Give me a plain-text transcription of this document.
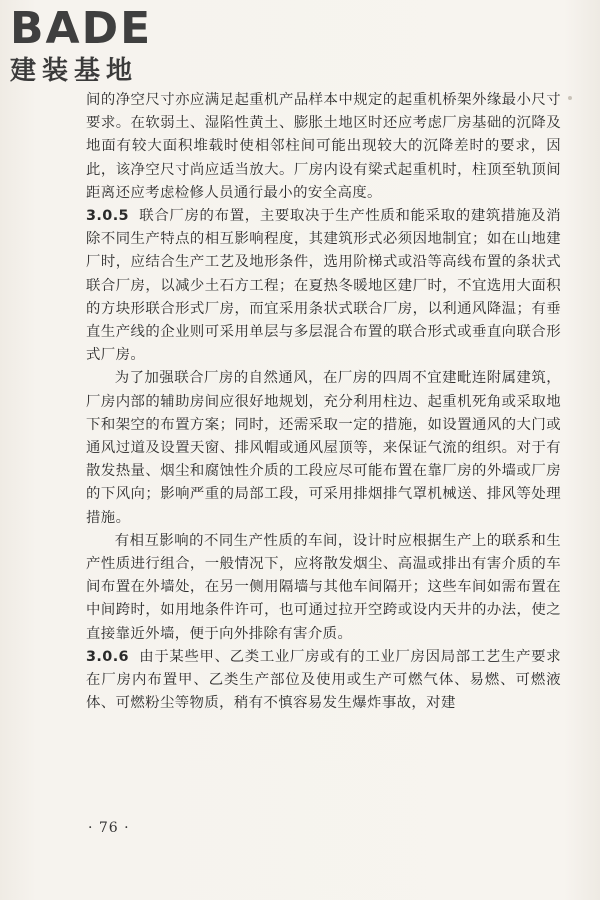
BADE
建装基地

间的净空尺寸亦应满足起重机产品样本中规定的起重机桥架外缘最小尺寸要求。在软弱土、湿陷性黄土、膨胀土地区时还应考虑厂房基础的沉降及地面有较大面积堆载时使相邻柱间可能出现较大的沉降差时的要求，因此，该净空尺寸尚应适当放大。厂房内设有梁式起重机时，柱顶至轨顶间距离还应考虑检修人员通行最小的安全高度。

3.0.5 联合厂房的布置，主要取决于生产性质和能采取的建筑措施及消除不同生产特点的相互影响程度，其建筑形式必须因地制宜；如在山地建厂时，应结合生产工艺及地形条件，选用阶梯式或沿等高线布置的条状式联合厂房，以减少土石方工程；在夏热冬暖地区建厂时，不宜选用大面积的方块形联合形式厂房，而宜采用条状式联合厂房，以利通风降温；有垂直生产线的企业则可采用单层与多层混合布置的联合形式或垂直向联合形式厂房。

为了加强联合厂房的自然通风，在厂房的四周不宜建毗连附属建筑，厂房内部的辅助房间应很好地规划，充分利用柱边、起重机死角或采取地下和架空的布置方案；同时，还需采取一定的措施，如设置通风的大门或通风过道及设置天窗、排风帽或通风屋顶等，来保证气流的组织。对于有散发热量、烟尘和腐蚀性介质的工段应尽可能布置在靠厂房的外墙或厂房的下风向；影响严重的局部工段，可采用排烟排气罩机械送、排风等处理措施。

有相互影响的不同生产性质的车间，设计时应根据生产上的联系和生产性质进行组合，一般情况下，应将散发烟尘、高温或排出有害介质的车间布置在外墙处，在另一侧用隔墙与其他车间隔开；这些车间如需布置在中间跨时，如用地条件许可，也可通过拉开空跨或设内天井的办法，使之直接靠近外墙，便于向外排除有害介质。

3.0.6 由于某些甲、乙类工业厂房或有的工业厂房因局部工艺生产要求在厂房内布置甲、乙类生产部位及使用或生产可燃气体、易燃、可燃液体、可燃粉尘等物质，稍有不慎容易发生爆炸事故，对建

· 76 ·
